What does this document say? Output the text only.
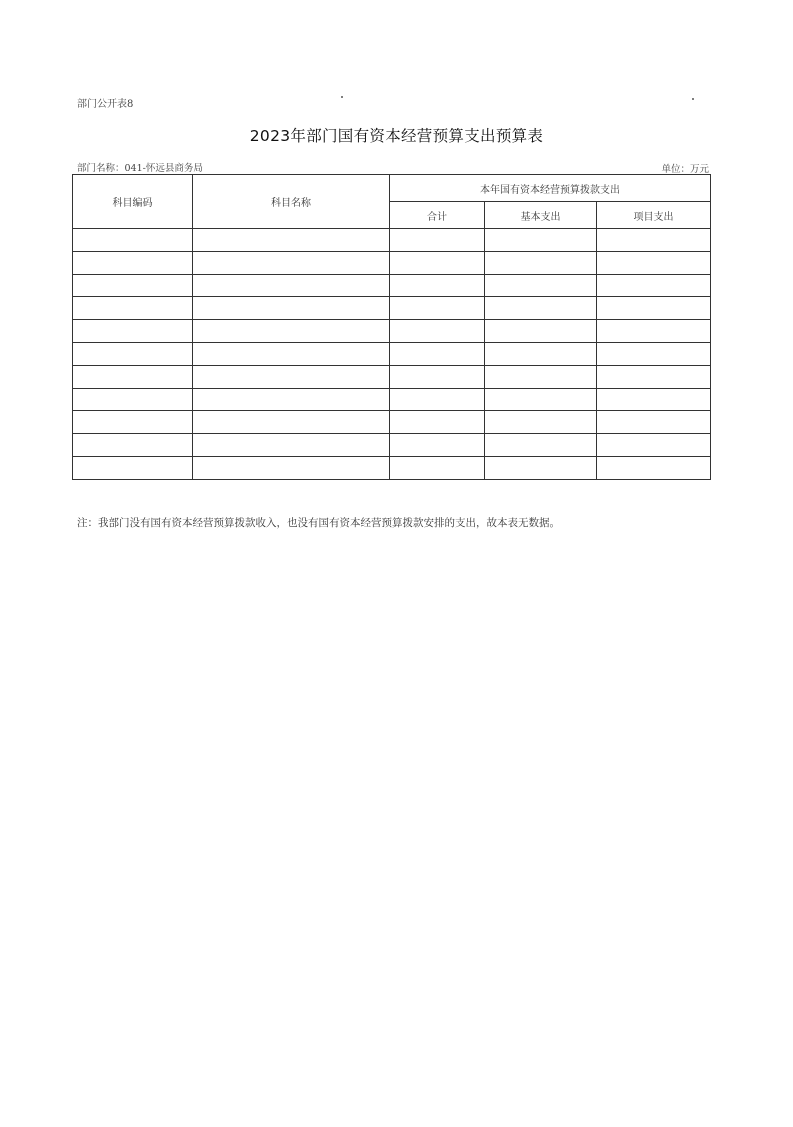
部门公开表8
2023年部门国有资本经营预算支出预算表
部门名称：041-怀远县商务局	单位：万元
科目编码	科目名称	本年国有资本经营预算拨款支出		
		合计	基本支出	项目支出

注：我部门没有国有资本经营预算拨款收入，也没有国有资本经营预算拨款安排的支出，故本表无数据。
